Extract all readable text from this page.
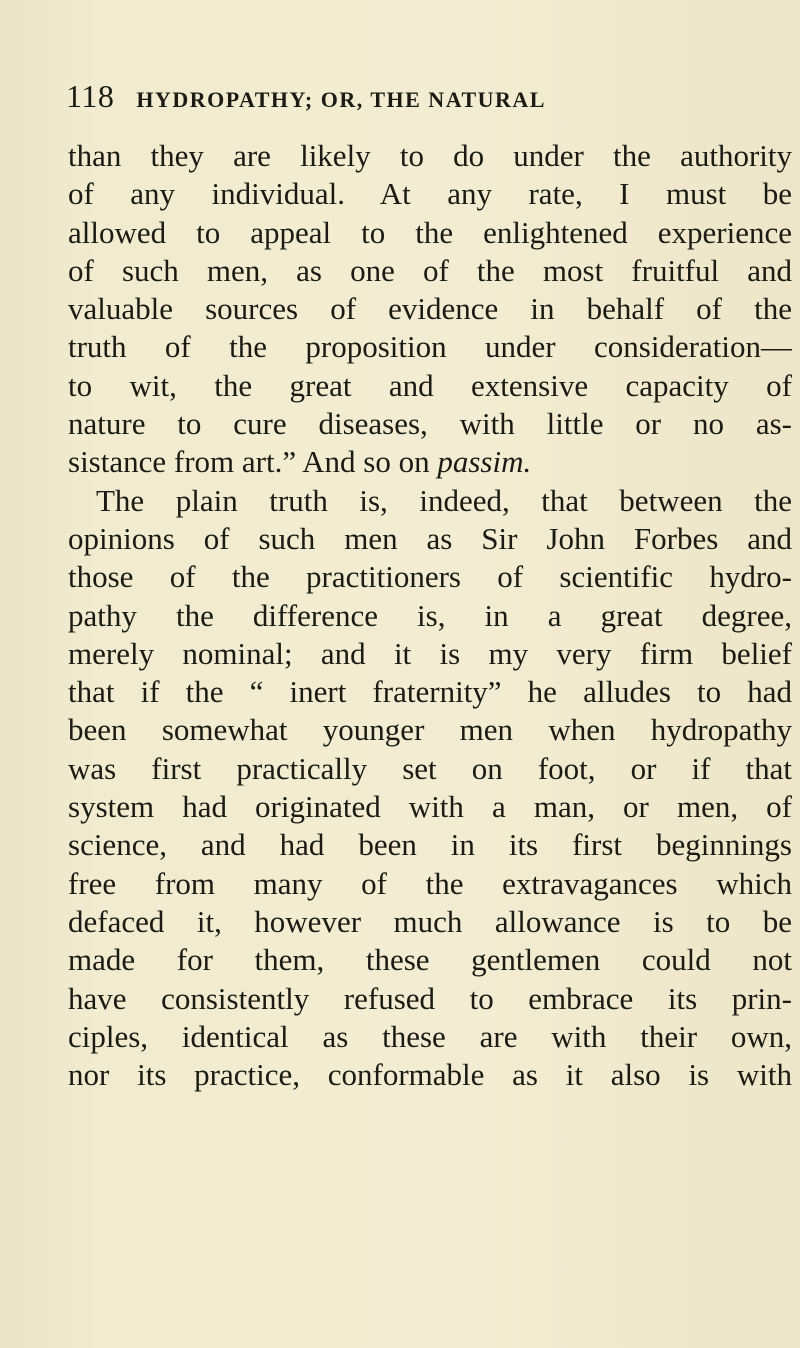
118 HYDROPATHY; OR, THE NATURAL
than they are likely to do under the authority
of any individual. At any rate, I must be
allowed to appeal to the enlightened experience
of such men, as one of the most fruitful and
valuable sources of evidence in behalf of the
truth of the proposition under consideration—
to wit, the great and extensive capacity of
nature to cure diseases, with little or no as-
sistance from art.” And so on passim.
The plain truth is, indeed, that between the
opinions of such men as Sir John Forbes and
those of the practitioners of scientific hydro-
pathy the difference is, in a great degree,
merely nominal; and it is my very firm belief
that if the “ inert fraternity” he alludes to had
been somewhat younger men when hydropathy
was first practically set on foot, or if that
system had originated with a man, or men, of
science, and had been in its first beginnings
free from many of the extravagances which
defaced it, however much allowance is to be
made for them, these gentlemen could not
have consistently refused to embrace its prin-
ciples, identical as these are with their own,
nor its practice, conformable as it also is with
